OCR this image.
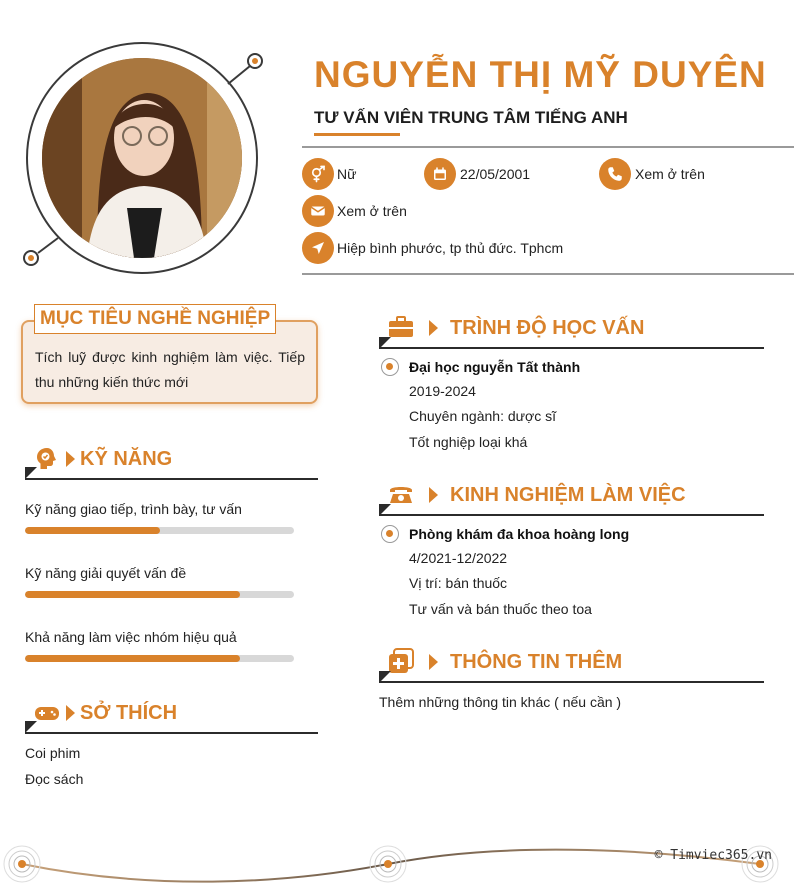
NGUYỄN THỊ MỸ DUYÊN
TƯ VẤN VIÊN TRUNG TÂM TIẾNG ANH
Nữ	22/05/2001	Xem ở trên
Xem ở trên
Hiệp bình phước, tp thủ đức. Tphcm
MỤC TIÊU NGHỀ NGHIỆP
Tích luỹ được kinh nghiệm làm việc. Tiếp thu những kiến thức mới
KỸ NĂNG
Kỹ năng giao tiếp, trình bày, tư vấn
Kỹ năng giải quyết vấn đề
Khả năng làm việc nhóm hiệu quả
SỞ THÍCH
Coi phim
Đọc sách
TRÌNH ĐỘ HỌC VẤN
Đại học nguyễn Tất thành
2019-2024
Chuyên ngành: dược sĩ
Tốt nghiệp loại khá
KINH NGHIỆM LÀM VIỆC
Phòng khám đa khoa hoàng long
4/2021-12/2022
Vị trí: bán thuốc
Tư vấn và bán thuốc theo toa
THÔNG TIN THÊM
Thêm những thông tin khác ( nếu cần )
© Timviec365.vn
